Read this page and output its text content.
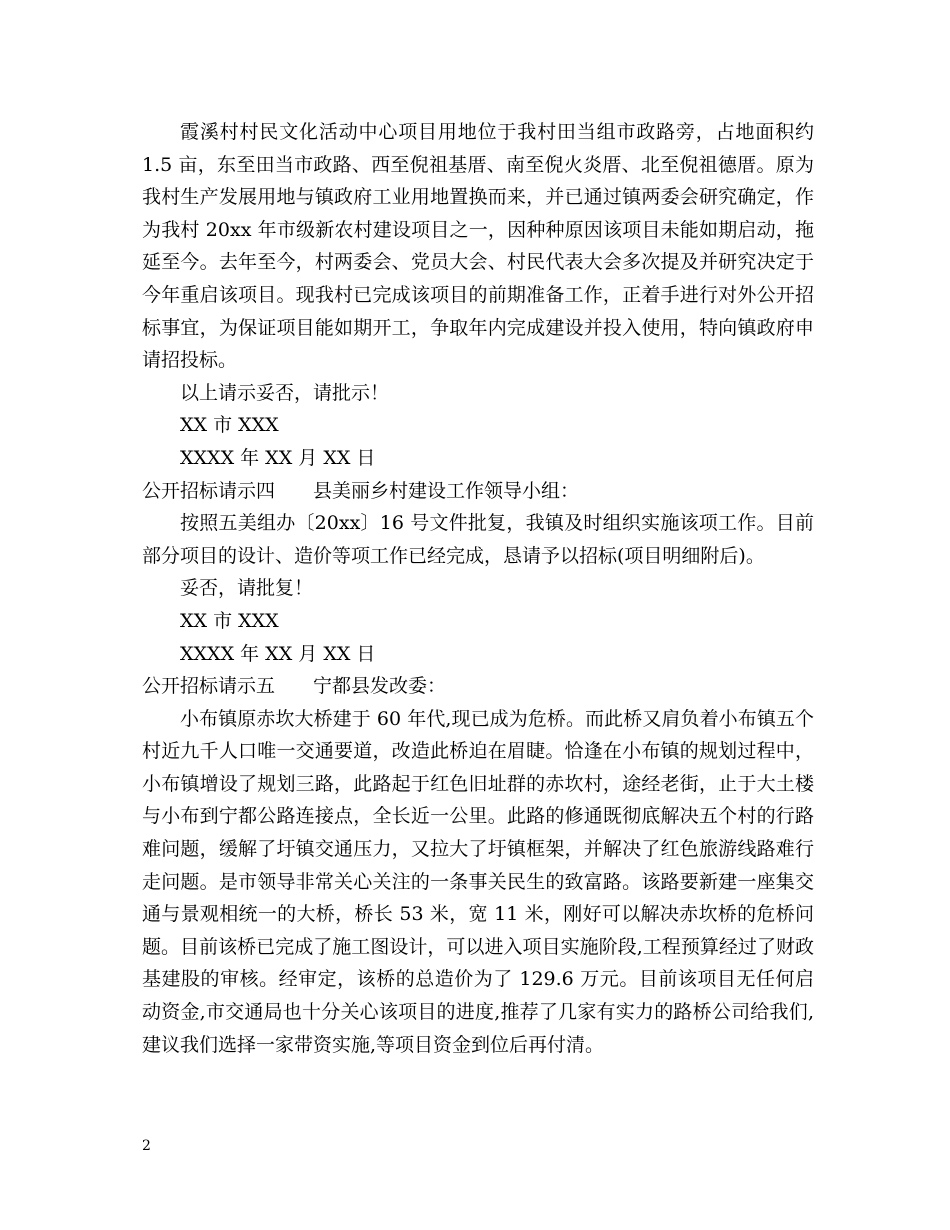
霞溪村村民文化活动中心项目用地位于我村田当组市政路旁，占地面积约 1.5 亩，东至田当市政路、西至倪祖基厝、南至倪火炎厝、北至倪祖德厝。原为我村生产发展用地与镇政府工业用地置换而来，并已通过镇两委会研究确定，作为我村 20xx 年市级新农村建设项目之一，因种种原因该项目未能如期启动，拖延至今。去年至今，村两委会、党员大会、村民代表大会多次提及并研究决定于今年重启该项目。现我村已完成该项目的前期准备工作，正着手进行对外公开招标事宜，为保证项目能如期开工，争取年内完成建设并投入使用，特向镇政府申请招投标。

以上请示妥否，请批示！

XX 市 XXX

XXXX 年 XX 月 XX 日

公开招标请示四　　县美丽乡村建设工作领导小组：

按照五美组办〔20xx〕16 号文件批复，我镇及时组织实施该项工作。目前部分项目的设计、造价等项工作已经完成，恳请予以招标(项目明细附后)。

妥否，请批复！

XX 市 XXX

XXXX 年 XX 月 XX 日

公开招标请示五　　宁都县发改委：

小布镇原赤坎大桥建于 60 年代,现已成为危桥。而此桥又肩负着小布镇五个村近九千人口唯一交通要道，改造此桥迫在眉睫。恰逢在小布镇的规划过程中，小布镇增设了规划三路，此路起于红色旧址群的赤坎村，途经老街，止于大土楼与小布到宁都公路连接点，全长近一公里。此路的修通既彻底解决五个村的行路难问题，缓解了圩镇交通压力，又拉大了圩镇框架，并解决了红色旅游线路难行走问题。是市领导非常关心关注的一条事关民生的致富路。该路要新建一座集交通与景观相统一的大桥，桥长 53 米，宽 11 米，刚好可以解决赤坎桥的危桥问题。目前该桥已完成了施工图设计，可以进入项目实施阶段,工程预算经过了财政基建股的审核。经审定，该桥的总造价为了 129.6 万元。目前该项目无任何启动资金,市交通局也十分关心该项目的进度,推荐了几家有实力的路桥公司给我们,建议我们选择一家带资实施,等项目资金到位后再付清。

2
